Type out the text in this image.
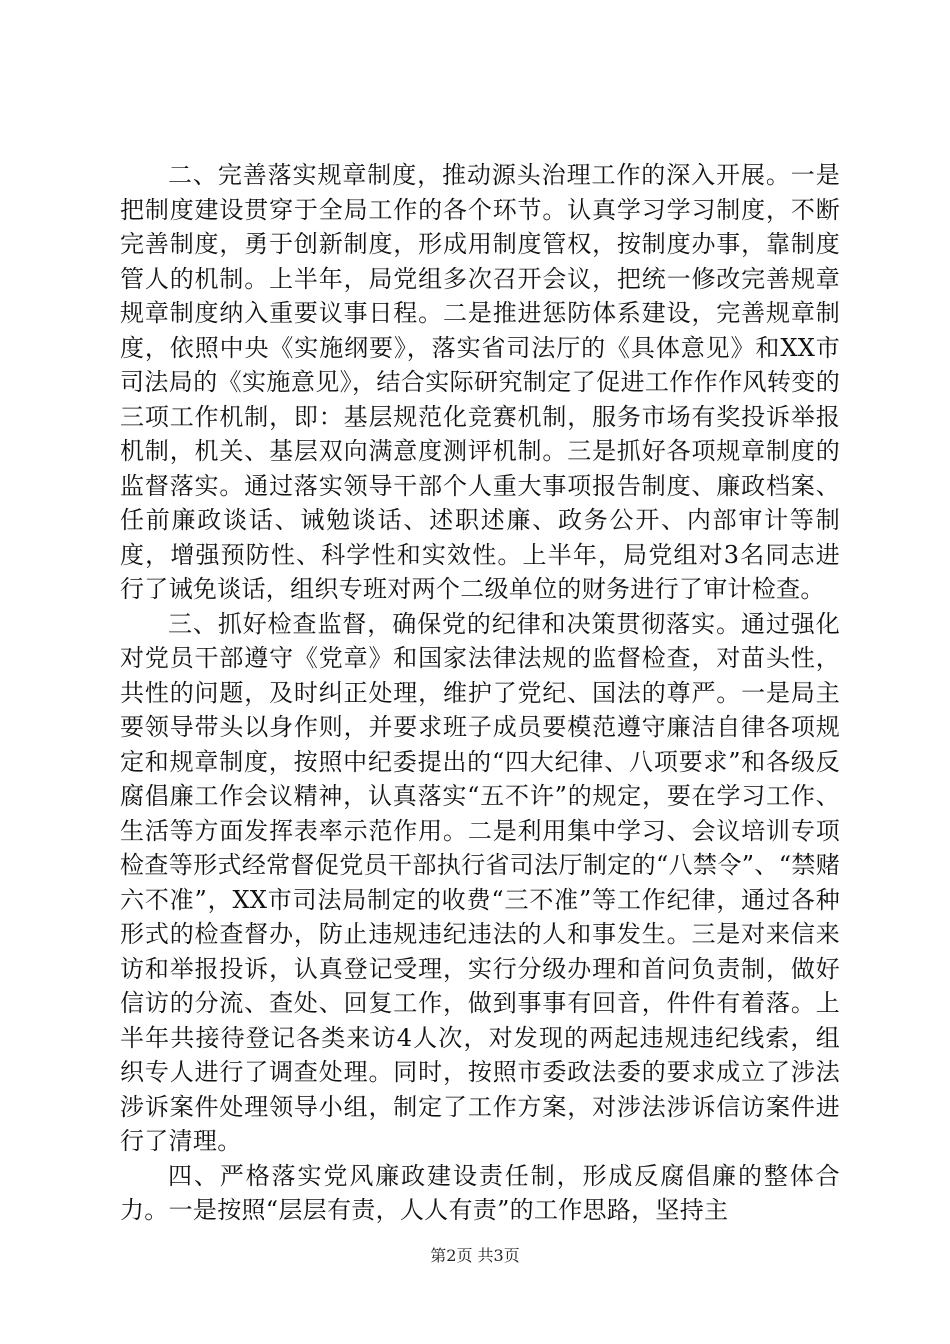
二、完善落实规章制度，推动源头治理工作的深入开展。一是把制度建设贯穿于全局工作的各个环节。认真学习学习制度，不断完善制度，勇于创新制度，形成用制度管权，按制度办事，靠制度管人的机制。上半年，局党组多次召开会议，把统一修改完善规章规章制度纳入重要议事日程。二是推进惩防体系建设，完善规章制度，依照中央《实施纲要》，落实省司法厅的《具体意见》和XX市司法局的《实施意见》，结合实际研究制定了促进工作作作风转变的三项工作机制，即：基层规范化竞赛机制，服务市场有奖投诉举报机制，机关、基层双向满意度测评机制。三是抓好各项规章制度的监督落实。通过落实领导干部个人重大事项报告制度、廉政档案、任前廉政谈话、诫勉谈话、述职述廉、政务公开、内部审计等制度，增强预防性、科学性和实效性。上半年，局党组对3名同志进行了诫免谈话，组织专班对两个二级单位的财务进行了审计检查。

三、抓好检查监督，确保党的纪律和决策贯彻落实。通过强化对党员干部遵守《党章》和国家法律法规的监督检查，对苗头性，共性的问题，及时纠正处理，维护了党纪、国法的尊严。一是局主要领导带头以身作则，并要求班子成员要模范遵守廉洁自律各项规定和规章制度，按照中纪委提出的“四大纪律、八项要求”和各级反腐倡廉工作会议精神，认真落实“五不许”的规定，要在学习工作、生活等方面发挥表率示范作用。二是利用集中学习、会议培训专项检查等形式经常督促党员干部执行省司法厅制定的“八禁令”、“禁赌六不准”，XX市司法局制定的收费“三不准”等工作纪律，通过各种形式的检查督办，防止违规违纪违法的人和事发生。三是对来信来访和举报投诉，认真登记受理，实行分级办理和首问负责制，做好信访的分流、查处、回复工作，做到事事有回音，件件有着落。上半年共接待登记各类来访4人次，对发现的两起违规违纪线索，组织专人进行了调查处理。同时，按照市委政法委的要求成立了涉法涉诉案件处理领导小组，制定了工作方案，对涉法涉诉信访案件进行了清理。

四、严格落实党风廉政建设责任制，形成反腐倡廉的整体合力。一是按照“层层有责，人人有责”的工作思路，坚持主

第2页 共3页
